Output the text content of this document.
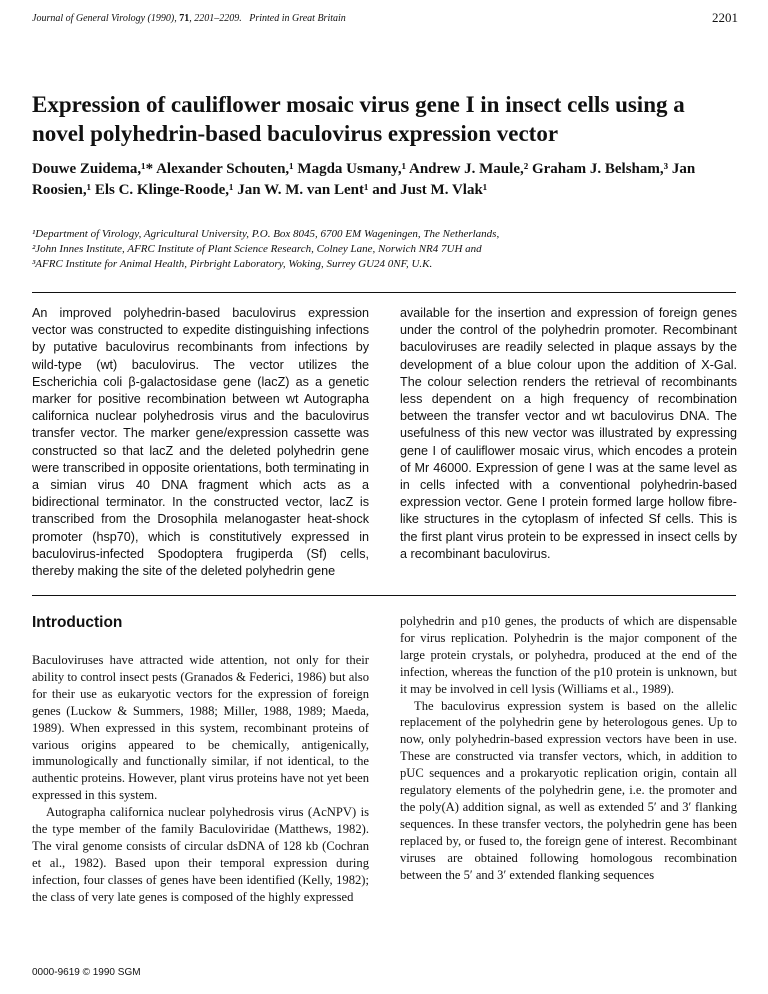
Journal of General Virology (1990), 71, 2201–2209. Printed in Great Britain	2201
Expression of cauliflower mosaic virus gene I in insect cells using a novel polyhedrin-based baculovirus expression vector

Douwe Zuidema,¹* Alexander Schouten,¹ Magda Usmany,¹ Andrew J. Maule,² Graham J. Belsham,³ Jan Roosien,¹ Els C. Klinge-Roode,¹ Jan W. M. van Lent¹ and Just M. Vlak¹

¹Department of Virology, Agricultural University, P.O. Box 8045, 6700 EM Wageningen, The Netherlands,
²John Innes Institute, AFRC Institute of Plant Science Research, Colney Lane, Norwich NR4 7UH and
³AFRC Institute for Animal Health, Pirbright Laboratory, Woking, Surrey GU24 0NF, U.K.

An improved polyhedrin-based baculovirus expression vector was constructed to expedite distinguishing infections by putative baculovirus recombinants from infections by wild-type (wt) baculovirus. The vector utilizes the Escherichia coli β-galactosidase gene (lacZ) as a genetic marker for positive recombination between wt Autographa californica nuclear polyhedrosis virus and the baculovirus transfer vector. The marker gene/expression cassette was constructed so that lacZ and the deleted polyhedrin gene were transcribed in opposite orientations, both terminating in a simian virus 40 DNA fragment which acts as a bidirectional terminator. In the constructed vector, lacZ is transcribed from the Drosophila melanogaster heat-shock promoter (hsp70), which is constitutively expressed in baculovirus-infected Spodoptera frugiperda (Sf) cells, thereby making the site of the deleted polyhedrin gene

available for the insertion and expression of foreign genes under the control of the polyhedrin promoter. Recombinant baculoviruses are readily selected in plaque assays by the development of a blue colour upon the addition of X-Gal. The colour selection renders the retrieval of recombinants less dependent on a high frequency of recombination between the transfer vector and wt baculovirus DNA. The usefulness of this new vector was illustrated by expressing gene I of cauliflower mosaic virus, which encodes a protein of Mr 46000. Expression of gene I was at the same level as in cells infected with a conventional polyhedrin-based expression vector. Gene I protein formed large hollow fibre-like structures in the cytoplasm of infected Sf cells. This is the first plant virus protein to be expressed in insect cells by a recombinant baculovirus.

Introduction
Baculoviruses have attracted wide attention, not only for their ability to control insect pests (Granados & Federici, 1986) but also for their use as eukaryotic vectors for the expression of foreign genes (Luckow & Summers, 1988; Miller, 1988, 1989; Maeda, 1989). When expressed in this system, recombinant proteins of various origins appeared to be chemically, antigenically, immunologically and functionally similar, if not identical, to the authentic proteins. However, plant virus proteins have not yet been expressed in this system.
Autographa californica nuclear polyhedrosis virus (AcNPV) is the type member of the family Baculoviridae (Matthews, 1982). The viral genome consists of circular dsDNA of 128 kb (Cochran et al., 1982). Based upon their temporal expression during infection, four classes of genes have been identified (Kelly, 1982); the class of very late genes is composed of the highly expressed
polyhedrin and p10 genes, the products of which are dispensable for virus replication. Polyhedrin is the major component of the large protein crystals, or polyhedra, produced at the end of the infection, whereas the function of the p10 protein is unknown, but it may be involved in cell lysis (Williams et al., 1989).
The baculovirus expression system is based on the allelic replacement of the polyhedrin gene by heterologous genes. Up to now, only polyhedrin-based expression vectors have been in use. These are constructed via transfer vectors, which, in addition to pUC sequences and a prokaryotic replication origin, contain all regulatory elements of the polyhedrin gene, i.e. the promoter and the poly(A) addition signal, as well as extended 5′ and 3′ flanking sequences. In these transfer vectors, the polyhedrin gene has been replaced by, or fused to, the foreign gene of interest. Recombinant viruses are obtained following homologous recombination between the 5′ and 3′ extended flanking sequences
0000-9619 © 1990 SGM
